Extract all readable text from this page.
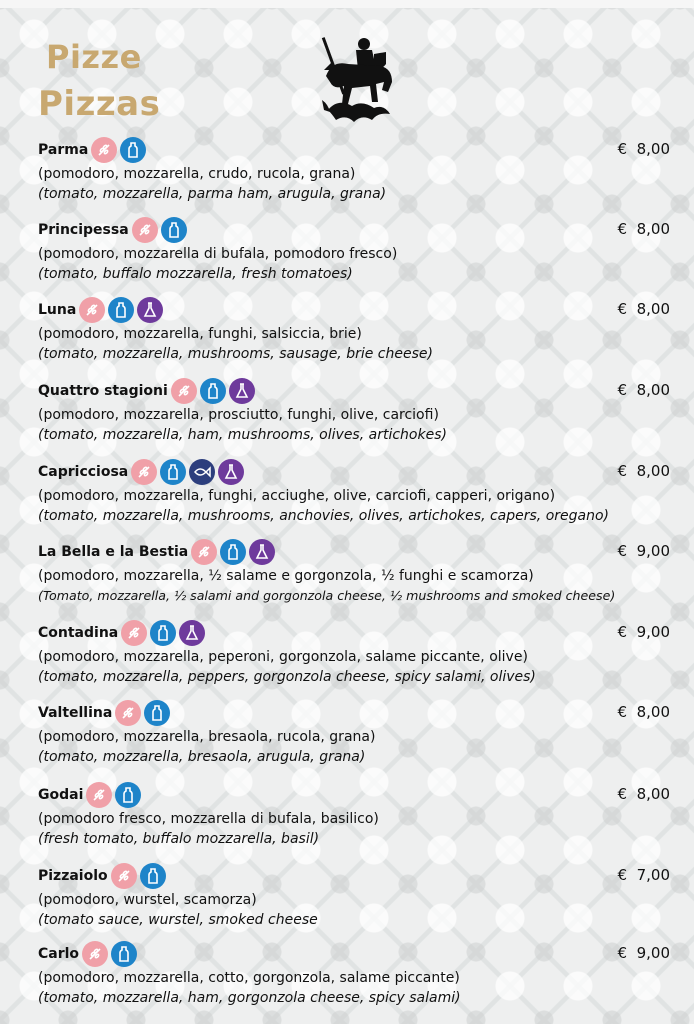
Pizze
Pizzas
Parma	€  8,00
(pomodoro, mozzarella, crudo, rucola, grana)
(tomato, mozzarella, parma ham, arugula, grana)
Principessa	€  8,00
(pomodoro, mozzarella di bufala, pomodoro fresco)
(tomato, buffalo mozzarella, fresh tomatoes)
Luna	€  8,00
(pomodoro, mozzarella, funghi, salsiccia, brie)
(tomato, mozzarella, mushrooms, sausage, brie cheese)
Quattro stagioni	€  8,00
(pomodoro, mozzarella, prosciutto, funghi, olive, carciofi)
(tomato, mozzarella, ham, mushrooms, olives, artichokes)
Capricciosa	€  8,00
(pomodoro, mozzarella, funghi, acciughe, olive, carciofi, capperi, origano)
(tomato, mozzarella, mushrooms, anchovies, olives, artichokes, capers, oregano)
La Bella e la Bestia	€  9,00
(pomodoro, mozzarella, ½ salame e gorgonzola, ½ funghi e scamorza)
(Tomato, mozzarella, ½ salami and gorgonzola cheese, ½ mushrooms and smoked cheese)
Contadina	€  9,00
(pomodoro, mozzarella, peperoni, gorgonzola, salame piccante, olive)
(tomato, mozzarella, peppers, gorgonzola cheese, spicy salami, olives)
Valtellina	€  8,00
(pomodoro, mozzarella, bresaola, rucola, grana)
(tomato, mozzarella, bresaola, arugula, grana)
Godai	€  8,00
(pomodoro fresco, mozzarella di bufala, basilico)
(fresh tomato, buffalo mozzarella, basil)
Pizzaiolo	€  7,00
(pomodoro, wurstel, scamorza)
(tomato sauce, wurstel, smoked cheese
Carlo	€  9,00
(pomodoro, mozzarella, cotto, gorgonzola, salame piccante)
(tomato, mozzarella, ham, gorgonzola cheese, spicy salami)
